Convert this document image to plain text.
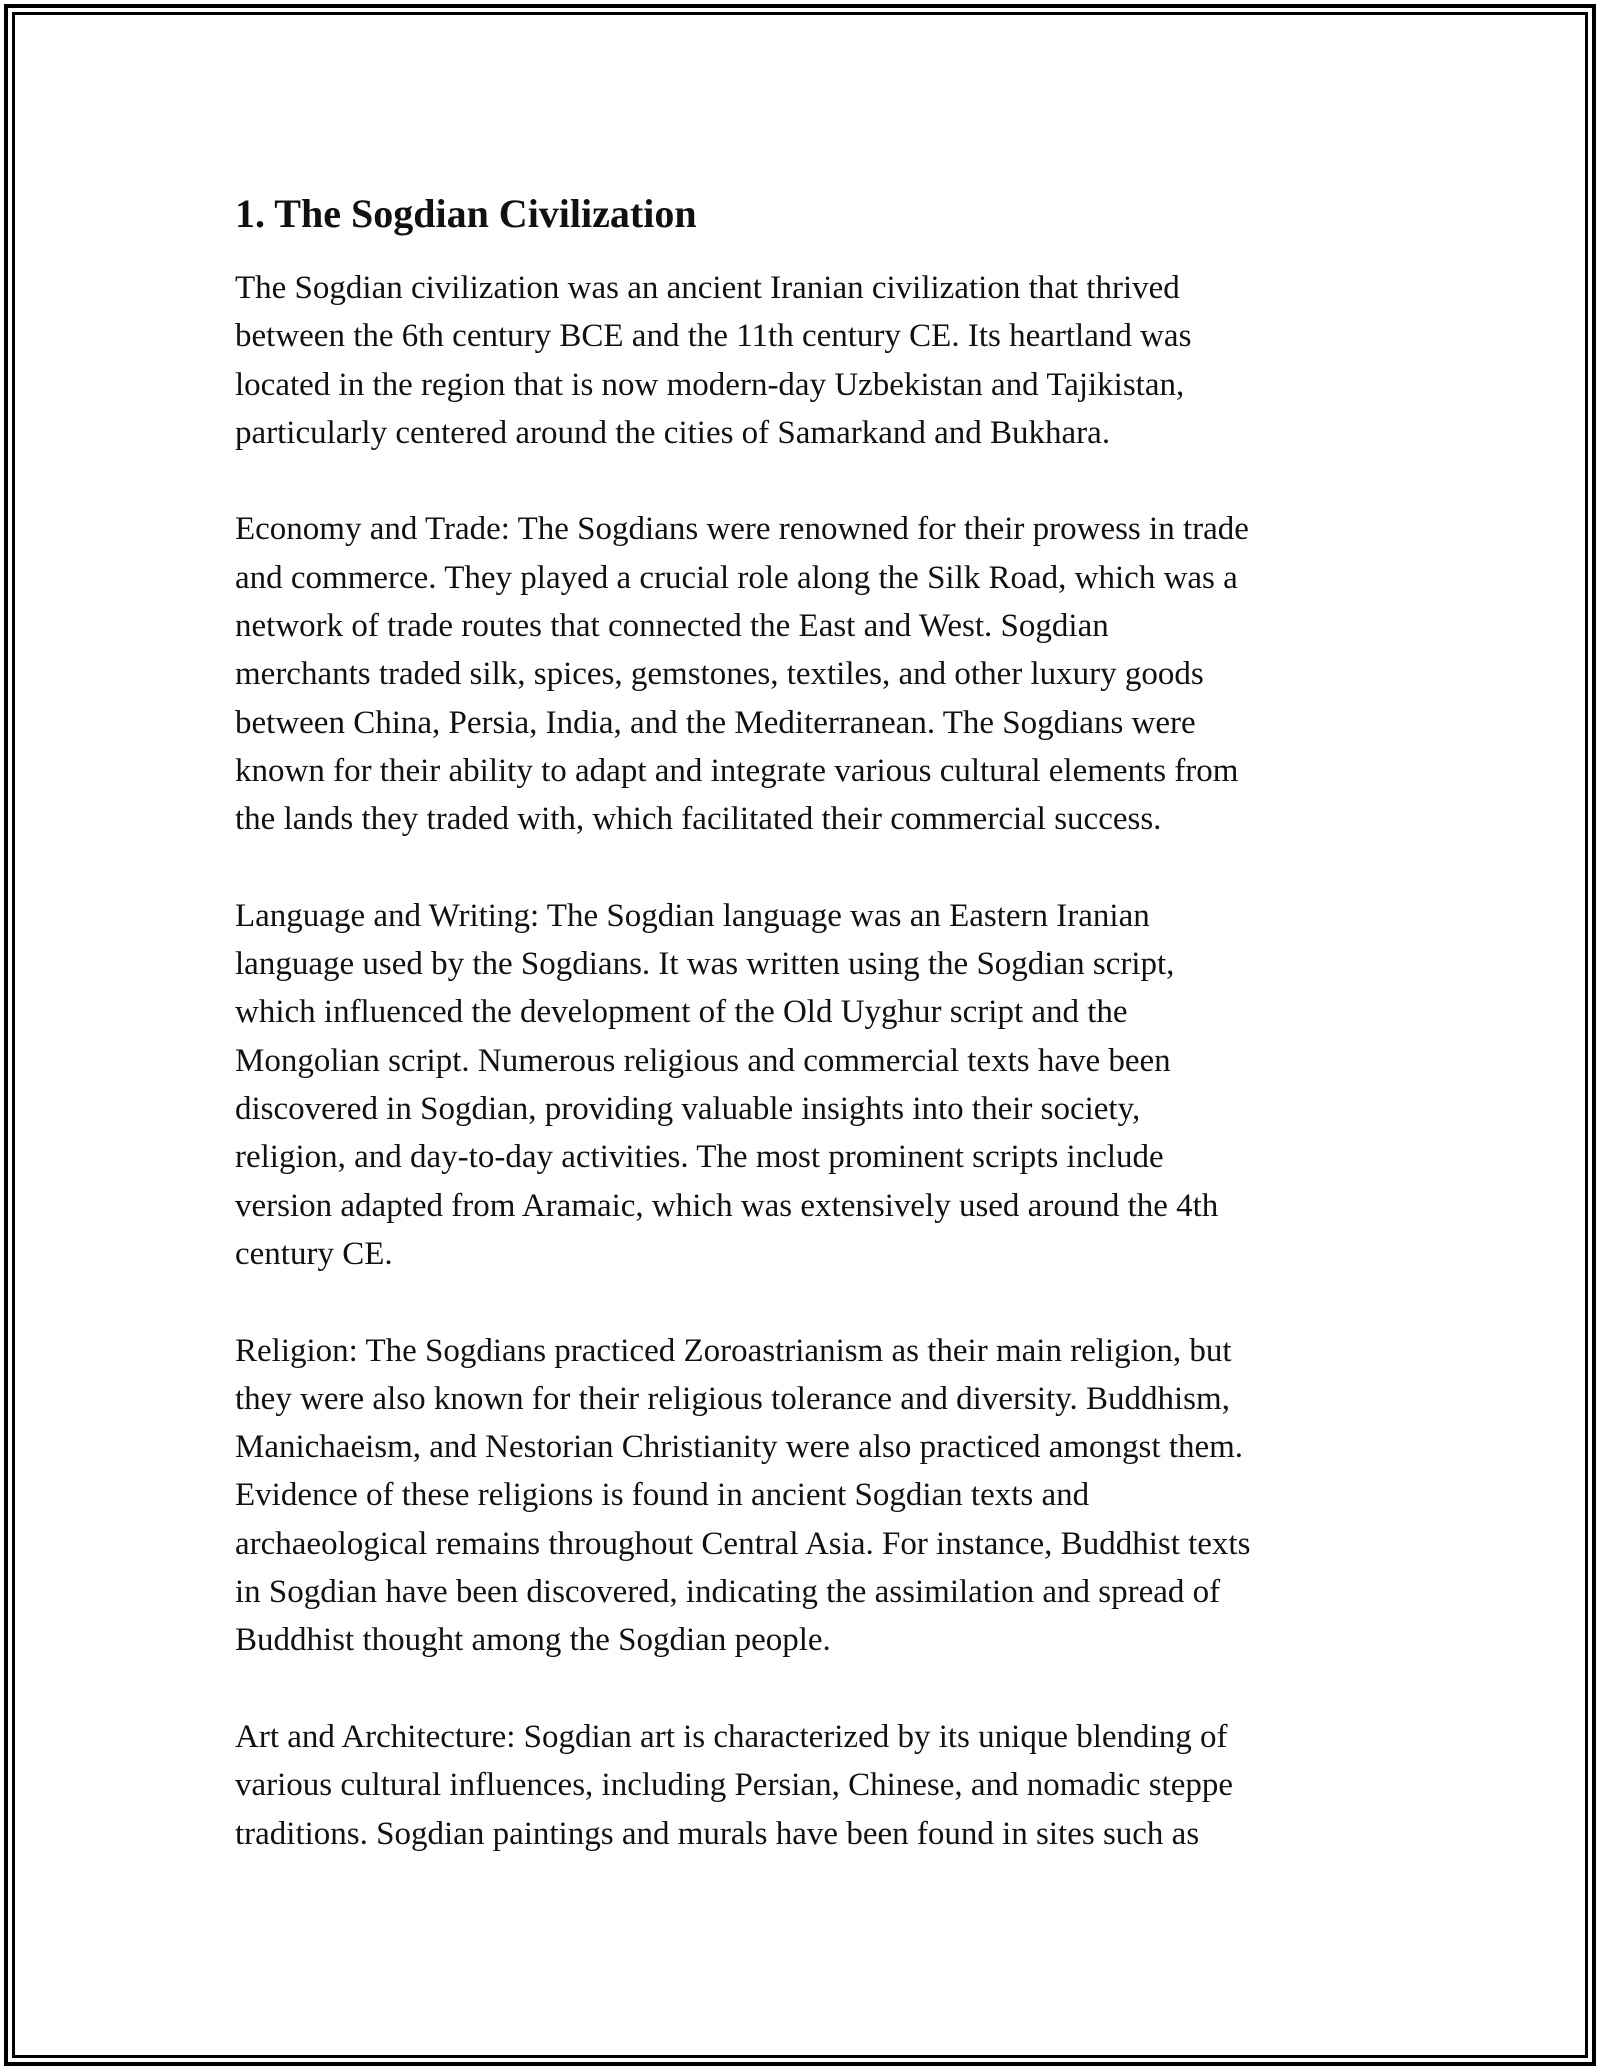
1. The Sogdian Civilization

The Sogdian civilization was an ancient Iranian civilization that thrived
between the 6th century BCE and the 11th century CE. Its heartland was
located in the region that is now modern-day Uzbekistan and Tajikistan,
particularly centered around the cities of Samarkand and Bukhara.

Economy and Trade: The Sogdians were renowned for their prowess in trade
and commerce. They played a crucial role along the Silk Road, which was a
network of trade routes that connected the East and West. Sogdian
merchants traded silk, spices, gemstones, textiles, and other luxury goods
between China, Persia, India, and the Mediterranean. The Sogdians were
known for their ability to adapt and integrate various cultural elements from
the lands they traded with, which facilitated their commercial success.

Language and Writing: The Sogdian language was an Eastern Iranian
language used by the Sogdians. It was written using the Sogdian script,
which influenced the development of the Old Uyghur script and the
Mongolian script. Numerous religious and commercial texts have been
discovered in Sogdian, providing valuable insights into their society,
religion, and day-to-day activities. The most prominent scripts include
version adapted from Aramaic, which was extensively used around the 4th
century CE.

Religion: The Sogdians practiced Zoroastrianism as their main religion, but
they were also known for their religious tolerance and diversity. Buddhism,
Manichaeism, and Nestorian Christianity were also practiced amongst them.
Evidence of these religions is found in ancient Sogdian texts and
archaeological remains throughout Central Asia. For instance, Buddhist texts
in Sogdian have been discovered, indicating the assimilation and spread of
Buddhist thought among the Sogdian people.

Art and Architecture: Sogdian art is characterized by its unique blending of
various cultural influences, including Persian, Chinese, and nomadic steppe
traditions. Sogdian paintings and murals have been found in sites such as
